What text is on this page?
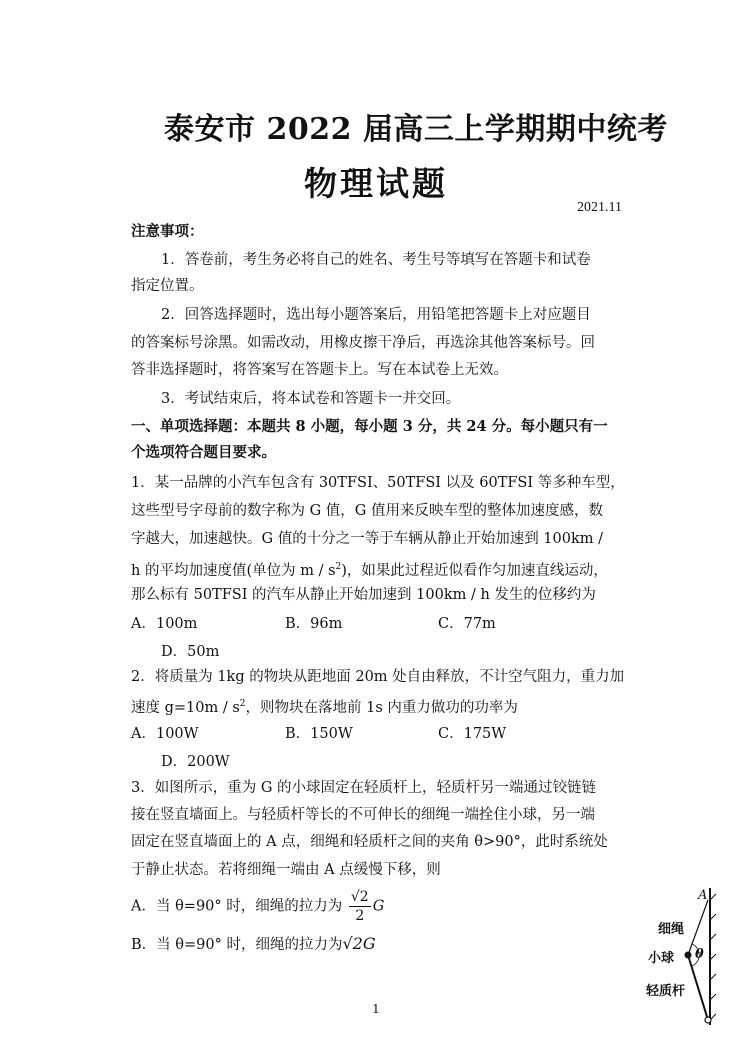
泰安市 2022 届高三上学期期中统考
物理试题
2021.11
注意事项：
1．答卷前，考生务必将自己的姓名、考生号等填写在答题卡和试卷
指定位置。
2．回答选择题时，选出每小题答案后，用铅笔把答题卡上对应题目
的答案标号涂黑。如需改动，用橡皮擦干净后，再选涂其他答案标号。回
答非选择题时，将答案写在答题卡上。写在本试卷上无效。
3．考试结束后，将本试卷和答题卡一并交回。
一、单项选择题：本题共 8 小题，每小题 3 分，共 24 分。每小题只有一
个选项符合题目要求。
1．某一品牌的小汽车包含有 30TFSI、50TFSI 以及 60TFSI 等多种车型，
这些型号字母前的数字称为 G 值，G 值用来反映车型的整体加速度感，数
字越大，加速越快。G 值的十分之一等于车辆从静止开始加速到 100km /
h 的平均加速度值(单位为 m / $s^2$)，如果此过程近似看作匀加速直线运动，
那么标有 50TFSI 的汽车从静止开始加速到 100km / h 发生的位移约为
A．100m	B．96m	C．77m
D．50m
2．将质量为 1kg 的物块从距地面 20m 处自由释放，不计空气阻力，重力加
速度 $g=10m / s^2$，则物块在落地前 1s 内重力做功的功率为
A．100W	B．150W	C．175W
D．200W
3．如图所示，重为 G 的小球固定在轻质杆上，轻质杆另一端通过铰链链
接在竖直墙面上。与轻质杆等长的不可伸长的细绳一端拴住小球，另一端
固定在竖直墙面上的 A 点，细绳和轻质杆之间的夹角 θ>90°，此时系统处
于静止状态。若将细绳一端由 A 点缓慢下移，则
A．当 θ=90° 时，细绳的拉力为 $\frac{√2}{2}$ G
B．当 θ=90° 时，细绳的拉力为√2G
A
细绳
小球 θ
轻质杆
1
